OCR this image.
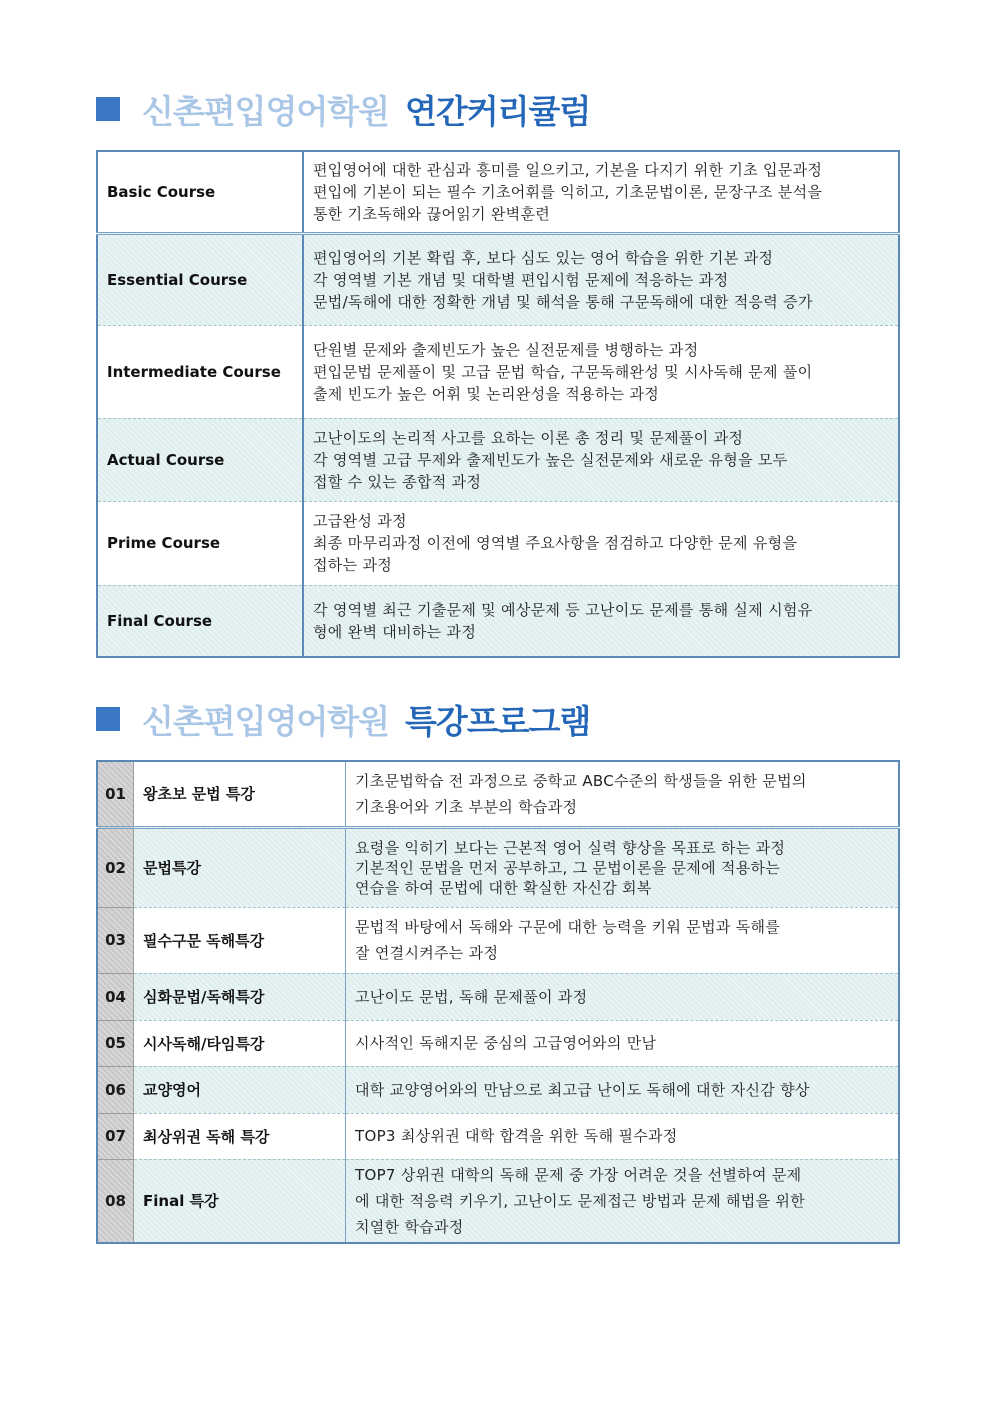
신촌편입영어학원 연간커리큘럼
Basic Course	편입영어에 대한 관심과 흥미를 일으키고, 기본을 다지기 위한 기초 입문과정
편입에 기본이 되는 필수 기초어휘를 익히고, 기초문법이론, 문장구조 분석을
통한 기초독해와 끊어읽기 완벽훈련

Essential Course	편입영어의 기본 확립 후, 보다 심도 있는 영어 학습을 위한 기본 과정
각 영역별 기본 개념 및 대학별 편입시험 문제에 적응하는 과정
문법/독해에 대한 정확한 개념 및 해석을 통해 구문독해에 대한 적응력 증가

Intermediate Course	단원별 문제와 출제빈도가 높은 실전문제를 병행하는 과정
편입문법 문제풀이 및 고급 문법 학습, 구문독해완성 및 시사독해 문제 풀이
출제 빈도가 높은 어휘 및 논리완성을 적용하는 과정

Actual Course	고난이도의 논리적 사고를 요하는 이론 총 정리 및 문제풀이 과정
각 영역별 고급 무제와 출제빈도가 높은 실전문제와 새로운 유형을 모두
접할 수 있는 종합적 과정

Prime Course	고급완성 과정
최종 마무리과정 이전에 영역별 주요사항을 점검하고 다양한 문제 유형을
접하는 과정

Final Course	각 영역별 최근 기출문제 및 예상문제 등 고난이도 문제를 통해 실제 시험유
형에 완벽 대비하는 과정
신촌편입영어학원 특강프로그램
01	왕초보 문법 특강	기초문법학습 전 과정으로 중학교 ABC수준의 학생들을 위한 문법의
기초용어와 기초 부분의 학습과정

02	문법특강	요령을 익히기 보다는 근본적 영어 실력 향상을 목표로 하는 과정
기본적인 문법을 먼저 공부하고, 그 문법이론을 문제에 적용하는
연습을 하여 문법에 대한 확실한 자신감 회복

03	필수구문 독해특강	문법적 바탕에서 독해와 구문에 대한 능력을 키워 문법과 독해를
잘 연결시켜주는 과정

04	심화문법/독해특강	고난이도 문법, 독해 문제풀이 과정

05	시사독해/타임특강	시사적인 독해지문 중심의 고급영어와의 만남

06	교양영어	대학 교양영어와의 만남으로 최고급 난이도 독해에 대한 자신감 향상

07	최상위권 독해 특강	TOP3 최상위권 대학 합격을 위한 독해 필수과정

08	Final 특강	TOP7 상위권 대학의 독해 문제 중 가장 어려운 것을 선별하여 문제
에 대한 적응력 키우기, 고난이도 문제접근 방법과 문제 해법을 위한
치열한 학습과정
